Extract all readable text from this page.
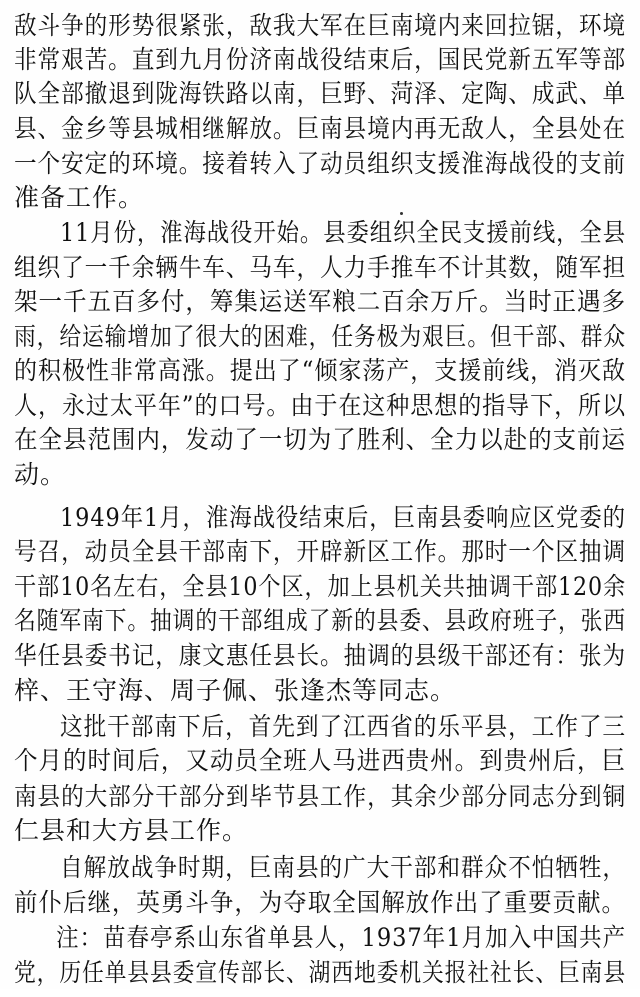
敌斗争的形势很紧张，敌我大军在巨南境内来回拉锯，环境
非常艰苦。直到九月份济南战役结束后，国民党新五军等部
队全部撤退到陇海铁路以南，巨野、菏泽、定陶、成武、单
县、金乡等县城相继解放。巨南县境内再无敌人，全县处在
一个安定的环境。接着转入了动员组织支援淮海战役的支前
准备工作。
11月份，淮海战役开始。县委组织全民支援前线，全县
组织了一千余辆牛车、马车，人力手推车不计其数，随军担
架一千五百多付，筹集运送军粮二百余万斤。当时正遇多
雨，给运输增加了很大的困难，任务极为艰巨。但干部、群众
的积极性非常高涨。提出了“倾家荡产，支援前线，消灭敌
人，永过太平年”的口号。由于在这种思想的指导下，所以
在全县范围内，发动了一切为了胜利、全力以赴的支前运
动。
1949年1月，淮海战役结束后，巨南县委响应区党委的
号召，动员全县干部南下，开辟新区工作。那时一个区抽调
干部10名左右，全县10个区，加上县机关共抽调干部120余
名随军南下。抽调的干部组成了新的县委、县政府班子，张西
华任县委书记，康文惠任县长。抽调的县级干部还有：张为
梓、王守海、周子佩、张逢杰等同志。
这批干部南下后，首先到了江西省的乐平县，工作了三
个月的时间后，又动员全班人马进西贵州。到贵州后，巨
南县的大部分干部分到毕节县工作，其余少部分同志分到铜
仁县和大方县工作。
自解放战争时期，巨南县的广大干部和群众不怕牺牲，
前仆后继，英勇斗争，为夺取全国解放作出了重要贡献。
注：苗春亭系山东省单县人，1937年1月加入中国共产
党，历任单县县委宣传部长、湖西地委机关报社社长、巨南县
